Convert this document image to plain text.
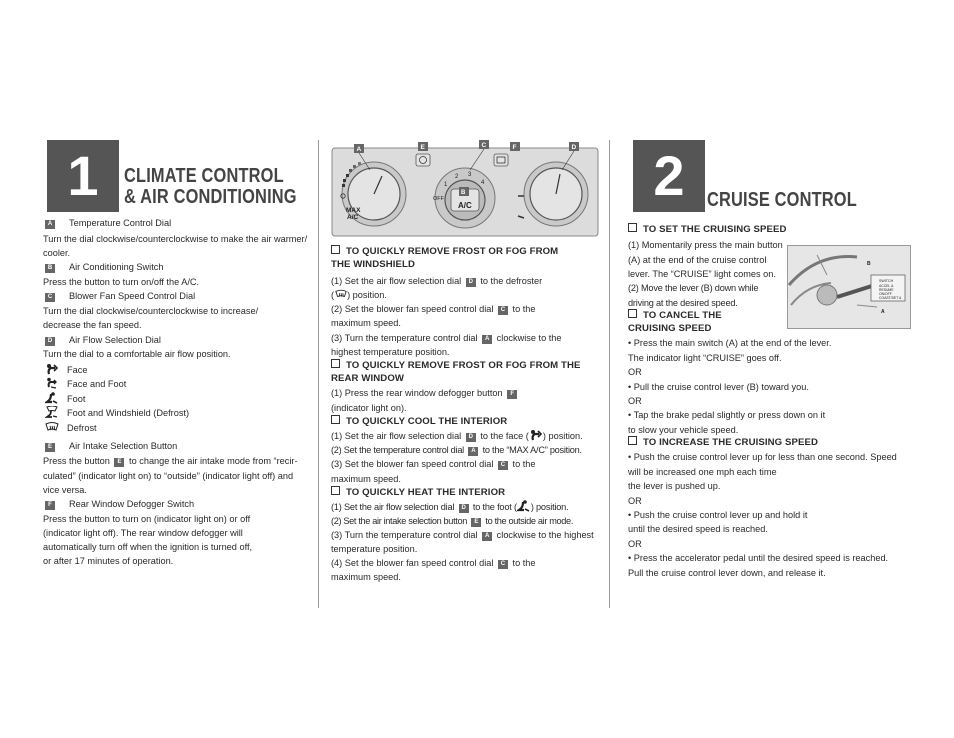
1	CLIMATE CONTROL
& AIR CONDITIONING
A Temperature Control Dial
Turn the dial clockwise/counterclockwise to make the air warmer/
cooler.
B Air Conditioning Switch
Press the button to turn on/off the A/C.
C Blower Fan Speed Control Dial
Turn the dial clockwise/counterclockwise to increase/
decrease the fan speed.
D Air Flow Selection Dial
Turn the dial to a comfortable air flow position.
Face
Face and Foot
Foot
Foot and Windshield (Defrost)
Defrost
E Air Intake Selection Button
Press the button E to change the air intake mode from “recir-
culated” (indicator light on) to “outside” (indicator light off) and
vice versa.
F Rear Window Defogger Switch
Press the button to turn on (indicator light on) or off
(indicator light off). The rear window defogger will
automatically turn off when the ignition is turned off,
or after 17 minutes of operation.
MAX
A/C
A/C
B
OFF
1
2 3
4
A	E	C	F	D
TO QUICKLY REMOVE FROST OR FOG FROM
THE WINDSHIELD
(1) Set the air flow selection dial D to the defroster
( ) position.
(2) Set the blower fan speed control dial C to the
maximum speed.
(3) Turn the temperature control dial A clockwise to the
highest temperature position.
TO QUICKLY REMOVE FROST OR FOG FROM THE
REAR WINDOW
(1) Press the rear window defogger button F
(indicator light on).
TO QUICKLY COOL THE INTERIOR
(1) Set the air flow selection dial D to the face ( ) position.
(2) Set the temperature control dial A to the “MAX A/C” position.
(3) Set the blower fan speed control dial C to the
maximum speed.
TO QUICKLY HEAT THE INTERIOR
(1) Set the air flow selection dial D to the foot ( ) position.
(2) Set the air intake selection button E to the outside air mode.
(3) Turn the temperature control dial A clockwise to the highest
temperature position.
(4) Set the blower fan speed control dial C to the
maximum speed.
2	CRUISE CONTROL
SWITCH
ACCEL &
RESUME
ON/OFF
COAST/SET &
B
A
TO SET THE CRUISING SPEED
(1) Momentarily press the main button
(A) at the end of the cruise control
lever. The “CRUISE” light comes on.
(2) Move the lever (B) down while
driving at the desired speed.
TO CANCEL THE
CRUISING SPEED
• Press the main switch (A) at the end of the lever.
The indicator light “CRUISE” goes off.
OR
• Pull the cruise control lever (B) toward you.
OR
• Tap the brake pedal slightly or press down on it
to slow your vehicle speed.
TO INCREASE THE CRUISING SPEED
• Push the cruise control lever up for less than one second. Speed
will be increased one mph each time
the lever is pushed up.
OR
• Push the cruise control lever up and hold it
until the desired speed is reached.
OR
• Press the accelerator pedal until the desired speed is reached.
Pull the cruise control lever down, and release it.
